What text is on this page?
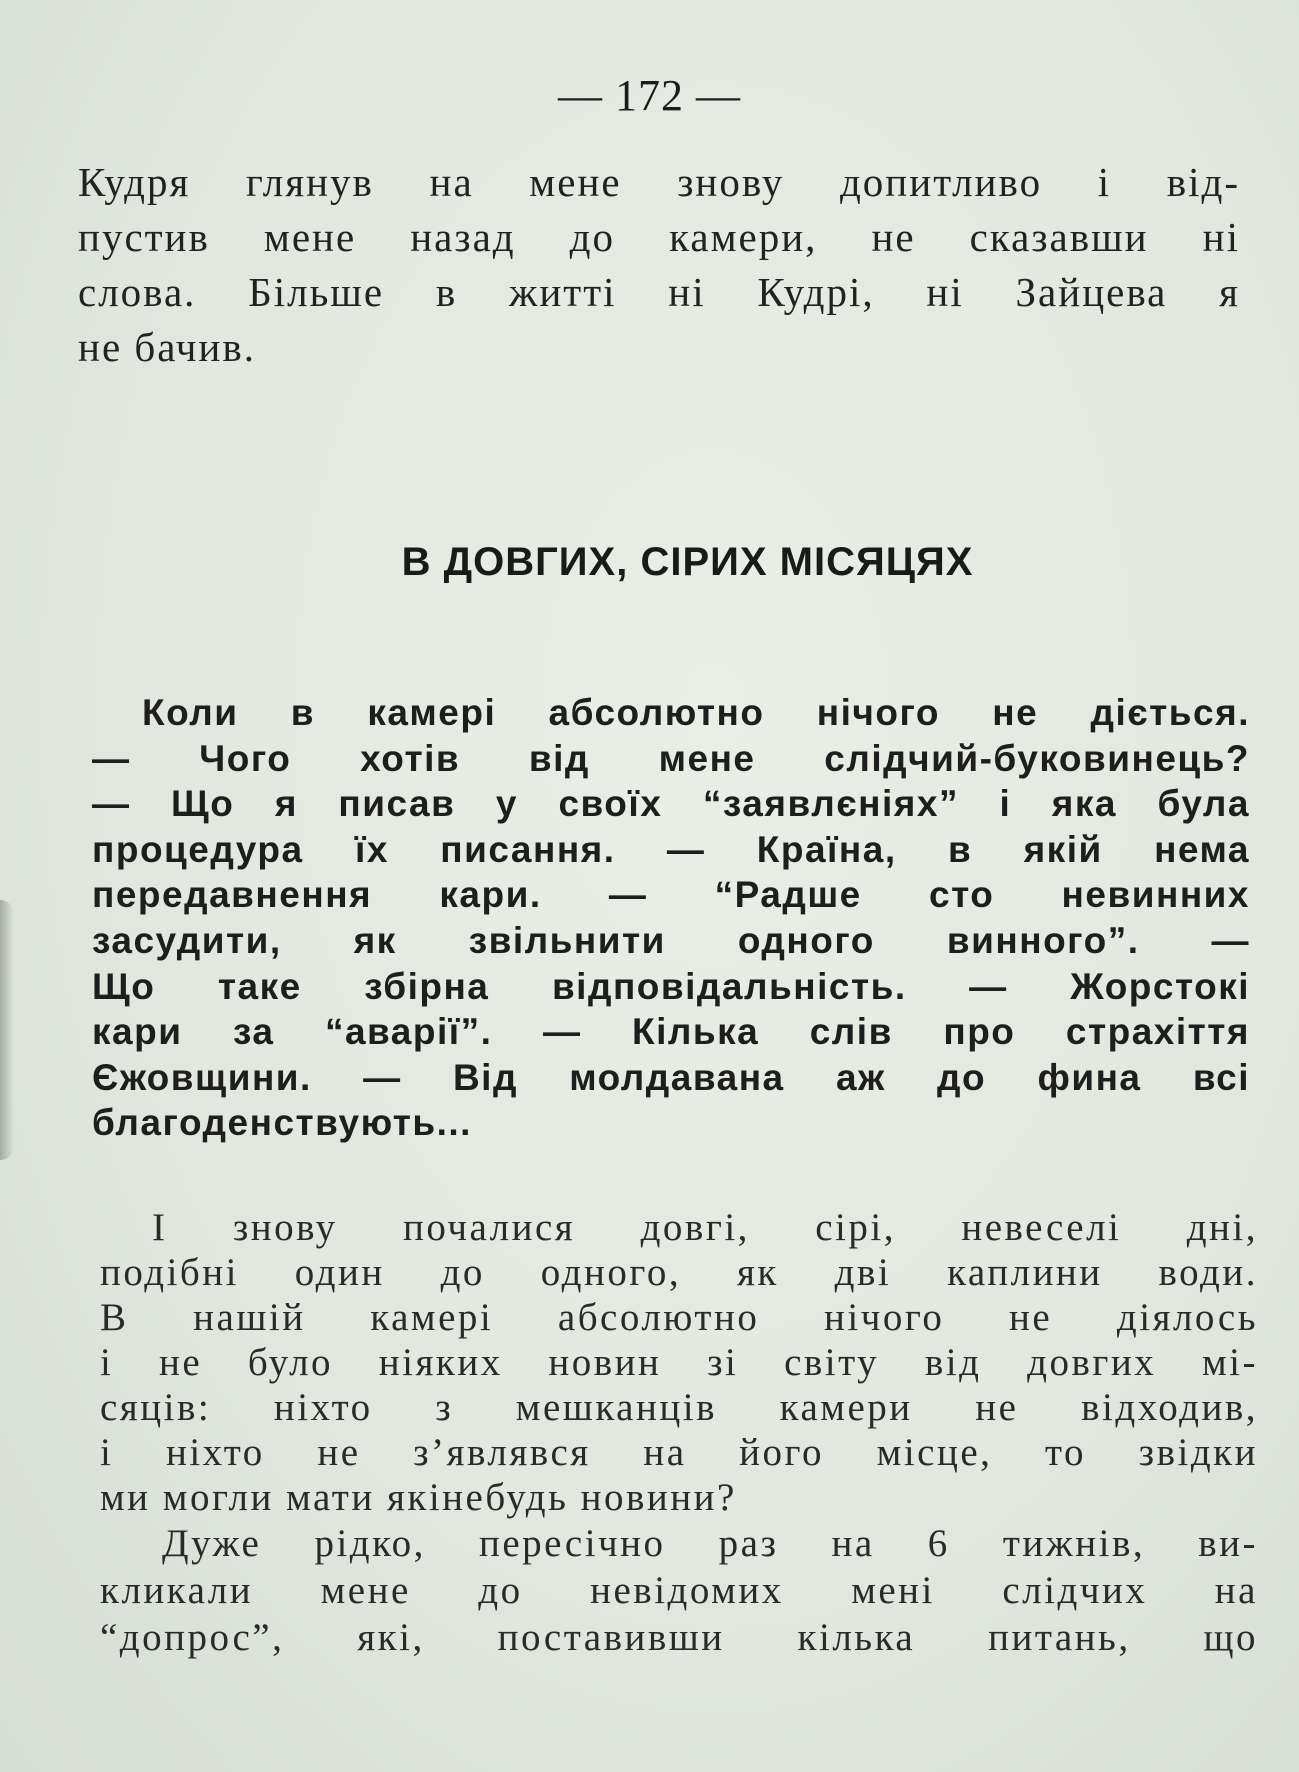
— 172 —
Кудря глянув на мене знову допитливо і від-
пустив мене назад до камери, не сказавши ні
слова. Більше в житті ні Кудрі, ні Зайцева я
не бачив.
В ДОВГИХ, СІРИХ МІСЯЦЯХ
Коли в камері абсолютно нічого не діється.
— Чого хотів від мене слідчий-буковинець?
— Що я писав у своїх “заявлєніях” і яка була
процедура їх писання. — Країна, в якій нема
передавнення кари. — “Радше сто невинних
засудити, як звільнити одного винного”. —
Що таке збірна відповідальність. — Жорстокі
кари за “аварії”. — Кілька слів про страхіття
Єжовщини. — Від молдавана аж до фина всі
благоденствують...
І знову почалися довгі, сірі, невеселі дні,
подібні один до одного, як дві каплини води.
В нашій камері абсолютно нічого не діялось
і не було ніяких новин зі світу від довгих мі-
сяців: ніхто з мешканців камери не відходив,
і ніхто не з’являвся на його місце, то звідки
ми могли мати якінебудь новини?
Дуже рідко, пересічно раз на 6 тижнів, ви-
кликали мене до невідомих мені слідчих на
“допрос”, які, поставивши кілька питань, що
